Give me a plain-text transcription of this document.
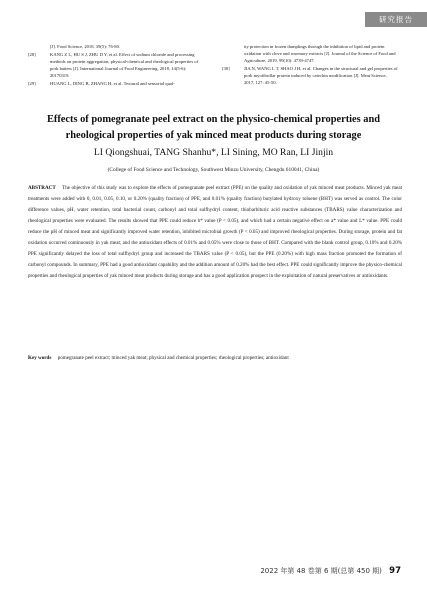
研究报告
[J]. Food Science, 2018, 39(5): 76-80.
[28]	KANG Z L, HU S J, ZHU D Y, et al. Effect of sodium chloride and processing methods on protein aggregation, physical-chemical and rheological properties of pork batters [J]. International Journal of Food Engineering, 2018, 14(5-6): 20170319.
[29]	HUANG L, DING B, ZHANG H, et al. Textural and sensorial qual-
ity protection in frozen dumplings through the inhibition of lipid and protein oxidation with clove and rosemary extracts [J]. Journal of the Science of Food and Agriculture, 2019, 99(10): 4739-4747.
[30]	JIA N, WANG L T, SHAO J H, et al. Changes in the structural and gel properties of pork myofibrillar protein induced by catechin modification [J]. Meat Science, 2017, 127: 45-50.
Effects of pomegranate peel extract on the physico-chemical properties and
rheological properties of yak minced meat products during storage
LI Qiongshuai, TANG Shanhu*, LI Sining, MO Ran, LI Jinjin
(College of Food Science and Technology, Southwest Minzu University, Chengdu 610041, China)
ABSTRACT The objective of this study was to explore the effects of pomegranate peel extract (PPE) on the quality and oxidation of yak minced meat products. Minced yak meat treatments were added with 0, 0.01, 0.05, 0.10, or 0.20% (quality fraction) of PPE, and 0.01% (quality fraction) butylated hydroxy toluene (BHT) was served as control. The color difference values, pH, water retention, total bacterial count, carbonyl and total sulfhydryl content, thiobarbituric acid reactive substances (TBARS) value characterization and rheological properties were evaluated. The results showed that PPE could reduce b* value (P < 0.05), and which had a certain negative effect on a* value and L* value. PPE could reduce the pH of minced meat and significantly improved water retention, inhibited microbial growth (P < 0.05) and improved rheological properties. During storage, protein and fat oxidation occurred continuously in yak meat, and the antioxidant effects of 0.01% and 0.05% were close to those of BHT. Compared with the blank control group, 0.10% and 0.20% PPE significantly delayed the loss of total sulfhydryl group and increased the TBARS value (P < 0.05), but the PPE (0.20%) with high mass fraction promoted the formation of carbonyl compounds. In summary, PPE had a good antioxidant capability and the addition amount of 0.20% had the best effect. PPE could significantly improve the physico-chemical properties and rheological properties of yak minced meat products during storage and has a good application prospect in the exploitation of natural preservatives or antioxidants.
Key words pomegranate peel extract; minced yak meat; physical and chemical properties; rheological properties; antioxidant
2022 年第 48 卷第 6 期(总第 450 期) 97
